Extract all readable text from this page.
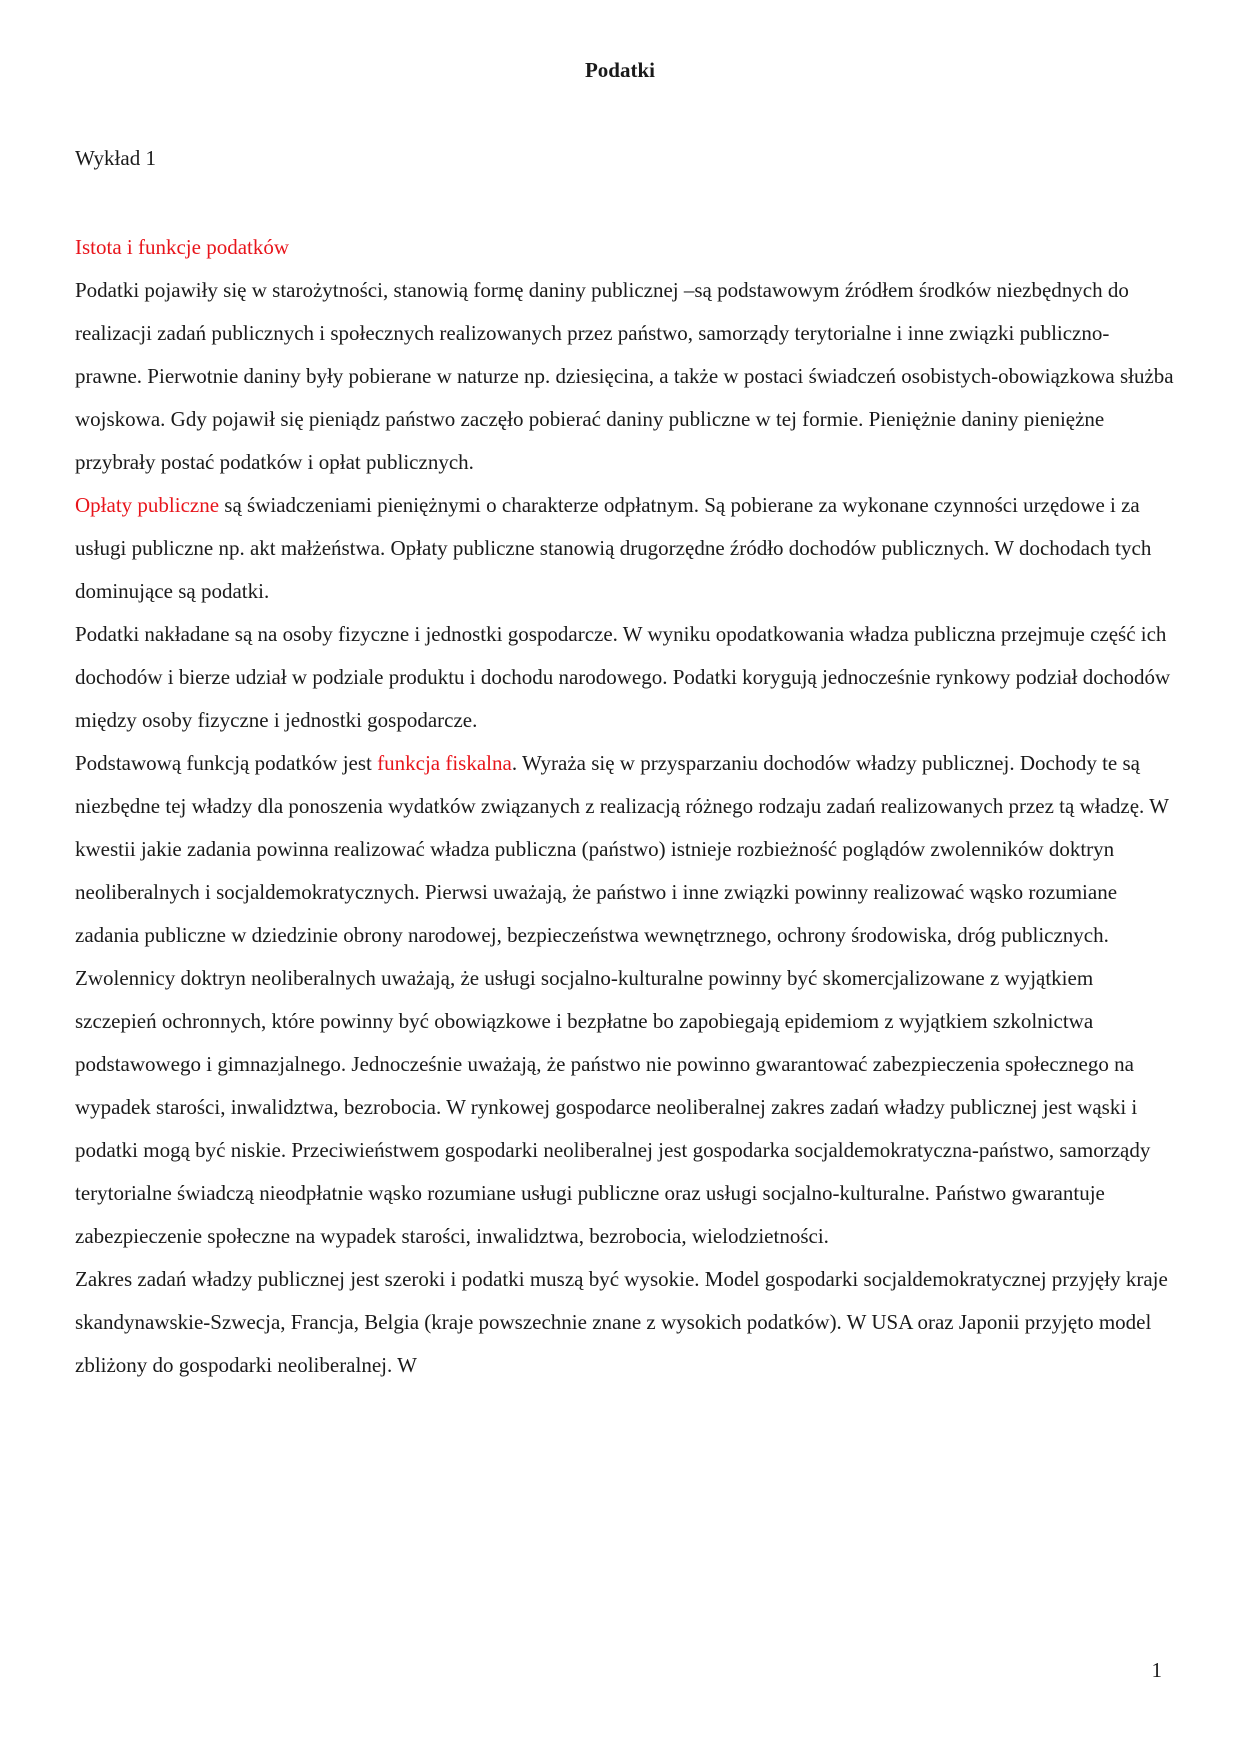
Podatki
Wykład 1

Istota i funkcje podatków

Podatki pojawiły się w starożytności, stanowią formę daniny publicznej –są podstawowym źródłem środków niezbędnych do realizacji zadań publicznych i społecznych realizowanych przez państwo, samorządy terytorialne i inne związki publiczno-prawne. Pierwotnie daniny były pobierane w naturze np. dziesięcina, a także w postaci świadczeń osobistych-obowiązkowa służba wojskowa. Gdy pojawił się pieniądz państwo zaczęło pobierać daniny publiczne w tej formie. Pieniężnie daniny pieniężne przybrały postać podatków i opłat publicznych.

Opłaty publiczne są świadczeniami pieniężnymi o charakterze odpłatnym. Są pobierane za wykonane czynności urzędowe i za usługi publiczne np. akt małżeństwa. Opłaty publiczne stanowią drugorzędne źródło dochodów publicznych. W dochodach tych dominujące są podatki.

Podatki nakładane są na osoby fizyczne i jednostki gospodarcze. W wyniku opodatkowania władza publiczna przejmuje część ich dochodów i bierze udział w podziale produktu i dochodu narodowego. Podatki korygują jednocześnie rynkowy podział dochodów między osoby fizyczne i jednostki gospodarcze.

Podstawową funkcją podatków jest funkcja fiskalna. Wyraża się w przysparzaniu dochodów władzy publicznej. Dochody te są niezbędne tej władzy dla ponoszenia wydatków związanych z realizacją różnego rodzaju zadań realizowanych przez tą władzę. W kwestii jakie zadania powinna realizować władza publiczna (państwo) istnieje rozbieżność poglądów zwolenników doktryn neoliberalnych i socjaldemokratycznych. Pierwsi uważają, że państwo i inne związki powinny realizować wąsko rozumiane zadania publiczne w dziedzinie obrony narodowej, bezpieczeństwa wewnętrznego, ochrony środowiska, dróg publicznych.

Zwolennicy doktryn neoliberalnych uważają, że usługi socjalno-kulturalne powinny być skomercjalizowane z wyjątkiem szczepień ochronnych, które powinny być obowiązkowe i bezpłatne bo zapobiegają epidemiom z wyjątkiem szkolnictwa podstawowego i gimnazjalnego. Jednocześnie uważają, że państwo nie powinno gwarantować zabezpieczenia społecznego na wypadek starości, inwalidztwa, bezrobocia. W rynkowej gospodarce neoliberalnej zakres zadań władzy publicznej jest wąski i podatki mogą być niskie. Przeciwieństwem gospodarki neoliberalnej jest gospodarka socjaldemokratyczna-państwo, samorządy terytorialne świadczą nieodpłatnie wąsko rozumiane usługi publiczne oraz usługi socjalno-kulturalne. Państwo gwarantuje zabezpieczenie społeczne na wypadek starości, inwalidztwa, bezrobocia, wielodzietności.

Zakres zadań władzy publicznej jest szeroki i podatki muszą być wysokie. Model gospodarki socjaldemokratycznej przyjęły kraje skandynawskie-Szwecja, Francja, Belgia (kraje powszechnie znane z wysokich podatków). W USA oraz Japonii przyjęto model zbliżony do gospodarki neoliberalnej. W

1
